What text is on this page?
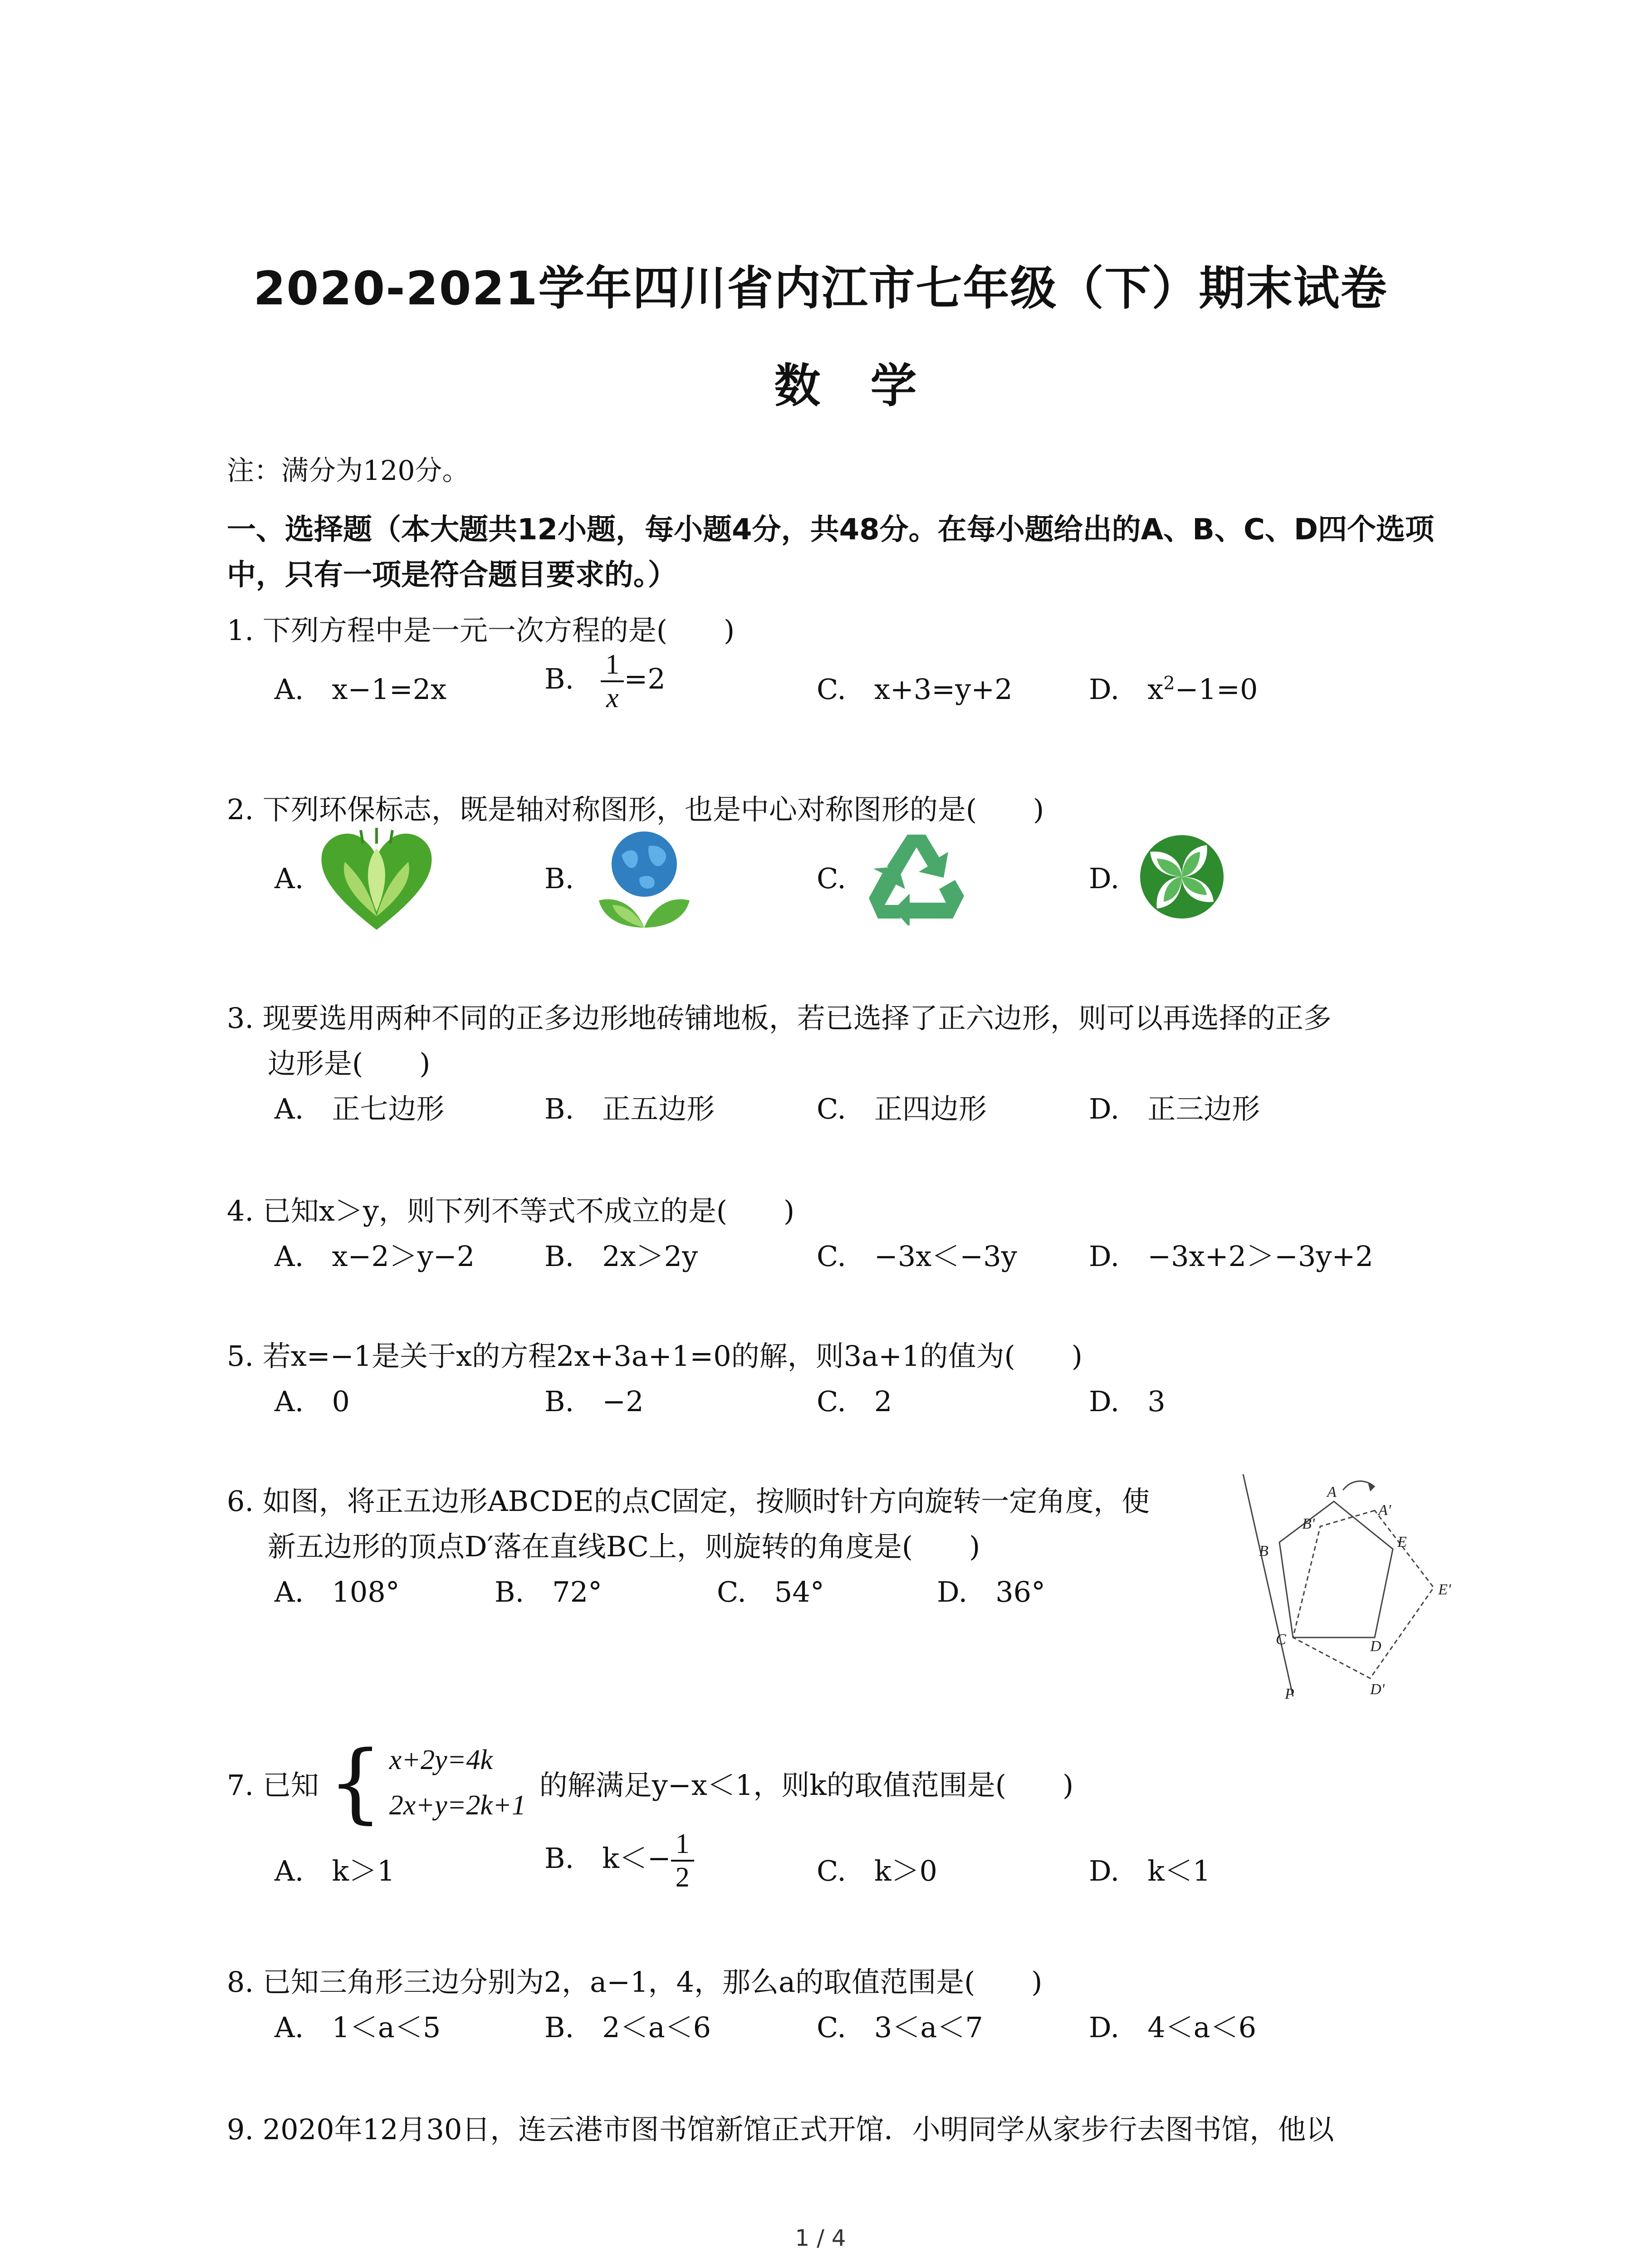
2020-2021学年四川省内江市七年级（下）期末试卷
数学
注：满分为120分。
一、选择题（本大题共12小题，每小题4分，共48分。在每小题给出的A、B、C、D四个选项中，只有一项是符合题目要求的。）
1. 下列方程中是一元一次方程的是(　　)
A.　x−1=2x	B. $\frac{1}{x} =2$	C.　x+3=y+2	D.　$x^2-1=0$
2. 下列环保标志，既是轴对称图形，也是中心对称图形的是(　　)
A.	B.	C.	D.
3. 现要选用两种不同的正多边形地砖铺地板，若已选择了正六边形，则可以再选择的正多
边形是(　　)
A.　正七边形	B.　正五边形	C.　正四边形	D.　正三边形
4. 已知x＞y，则下列不等式不成立的是(　　)
A.　x−2＞y−2 B.　2x＞2y	C.　−3x＜−3y	D.　−3x+2＞−3y+2
5. 若x=−1是关于x的方程2x+3a+1=0的解，则3a+1的值为(　　)
A.　0	B.　−2	C.　2	D.　3
6. 如图，将正五边形ABCDE的点C固定，按顺时针方向旋转一定角度，使
新五边形的顶点D′落在直线BC上，则旋转的角度是(　　)
A.　108°	B.　72°	C.　54°	D.　36°
A
A'
B
B'
C	D
D'
E
E'
P
7. 已知 { x+2y=4k
2x+y=2k+1
的解满足y−x＜1，则k的取值范围是(　　)
A.　k＞1	B.　$k<- \frac{1}{2}$	C.　k＞0	D.　k＜1
8. 已知三角形三边分别为2，a−1，4，那么a的取值范围是(　　)
A.　1＜a＜5	B.　2＜a＜6	C.　3＜a＜7	D.　4＜a＜6
9. 2020年12月30日，连云港市图书馆新馆正式开馆．小明同学从家步行去图书馆，他以
1 / 4
